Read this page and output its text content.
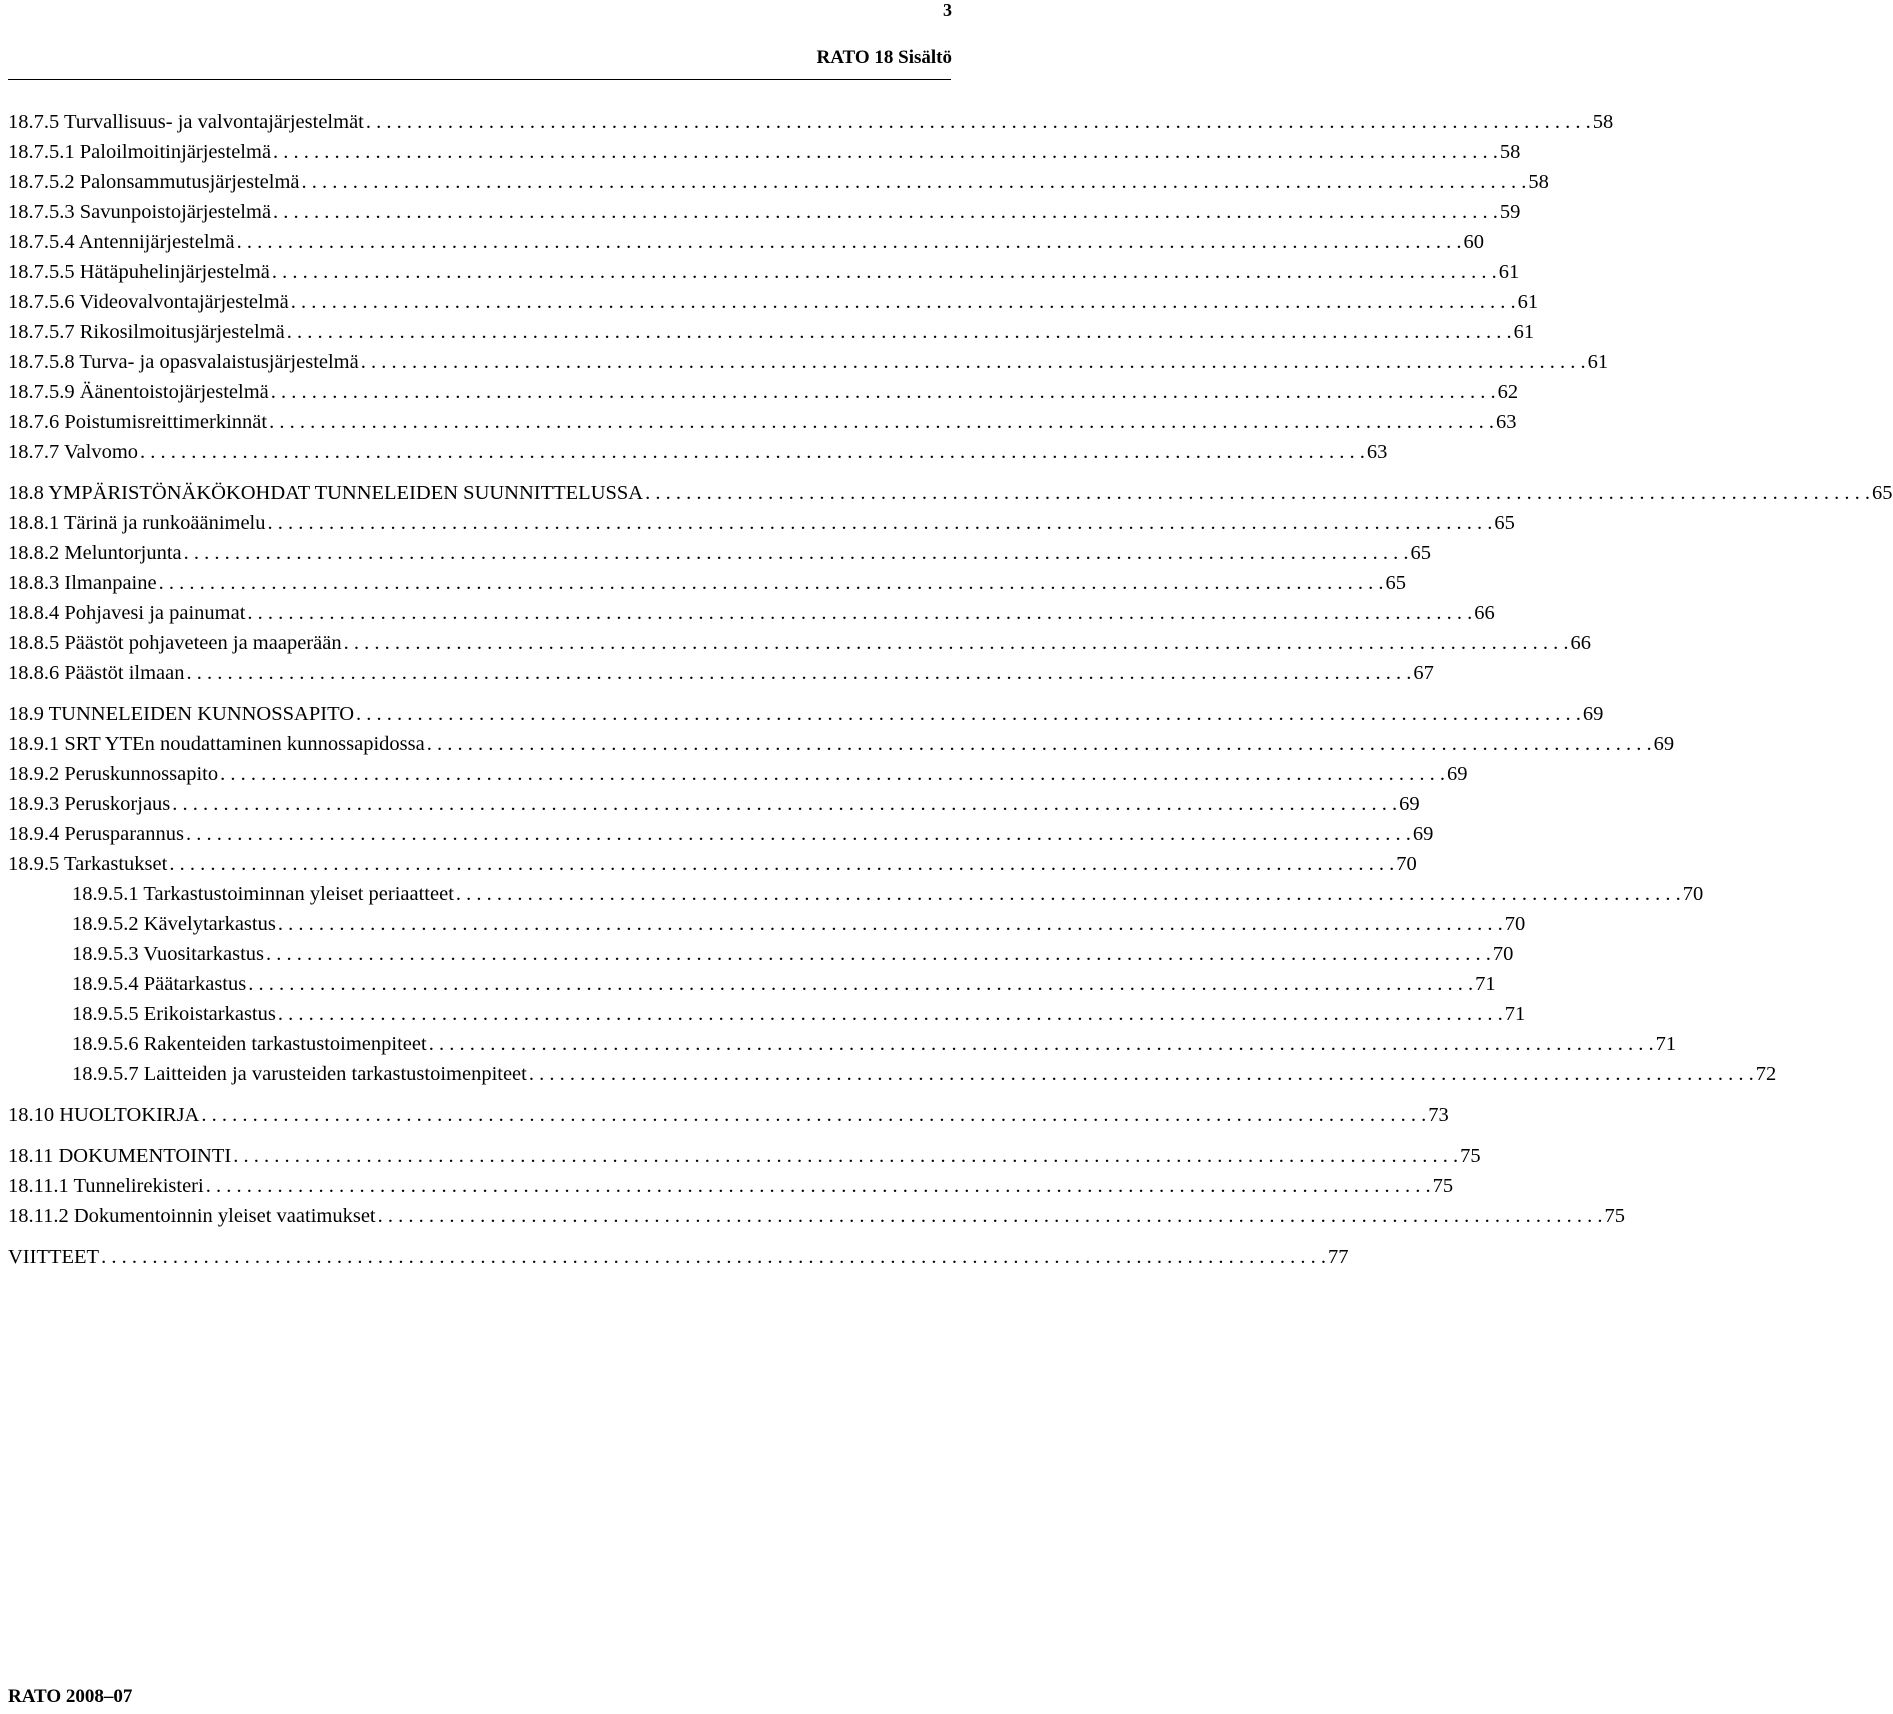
3
RATO 18 Sisältö
18.7.5 Turvallisuus- ja valvontajärjestelmät . . . . . . . . . . . . . . . . . . . . . . . . . . . . . . . . . . . . . . . . . . . . . . . . . . . . . . . . . . . . . . . . . . . . . . . . . . . . . . . . . . . . . . . . . . . . . . . . . . . . . . . . . . . . . . . . . . . . . . . . 58
18.7.5.1 Paloilmoitinjärjestelmä . . . . . . . . . . . . . . . . . . . . . . . . . . . . . . . . . . . . . . . . . . . . . . . . . . . . . . . . . . . . . . . . . . . . . . . . . . . . . . . . . . . . . . . . . . . . . . . . . . . . . . . . . . . . . . . . . . . . . . . . 58
18.7.5.2 Palonsammutusjärjestelmä . . . . . . . . . . . . . . . . . . . . . . . . . . . . . . . . . . . . . . . . . . . . . . . . . . . . . . . . . . . . . . . . . . . . . . . . . . . . . . . . . . . . . . . . . . . . . . . . . . . . . . . . . . . . . . . . . . . . . . . . 58
18.7.5.3 Savunpoistojärjestelmä . . . . . . . . . . . . . . . . . . . . . . . . . . . . . . . . . . . . . . . . . . . . . . . . . . . . . . . . . . . . . . . . . . . . . . . . . . . . . . . . . . . . . . . . . . . . . . . . . . . . . . . . . . . . . . . . . . . . . . . . 59
18.7.5.4 Antennijärjestelmä . . . . . . . . . . . . . . . . . . . . . . . . . . . . . . . . . . . . . . . . . . . . . . . . . . . . . . . . . . . . . . . . . . . . . . . . . . . . . . . . . . . . . . . . . . . . . . . . . . . . . . . . . . . . . . . . . . . . . . . . 60
18.7.5.5 Hätäpuhelinjärjestelmä . . . . . . . . . . . . . . . . . . . . . . . . . . . . . . . . . . . . . . . . . . . . . . . . . . . . . . . . . . . . . . . . . . . . . . . . . . . . . . . . . . . . . . . . . . . . . . . . . . . . . . . . . . . . . . . . . . . . . . . . 61
18.7.5.6 Videovalvontajärjestelmä . . . . . . . . . . . . . . . . . . . . . . . . . . . . . . . . . . . . . . . . . . . . . . . . . . . . . . . . . . . . . . . . . . . . . . . . . . . . . . . . . . . . . . . . . . . . . . . . . . . . . . . . . . . . . . . . . . . . . . . . 61
18.7.5.7 Rikosilmoitusjärjestelmä . . . . . . . . . . . . . . . . . . . . . . . . . . . . . . . . . . . . . . . . . . . . . . . . . . . . . . . . . . . . . . . . . . . . . . . . . . . . . . . . . . . . . . . . . . . . . . . . . . . . . . . . . . . . . . . . . . . . . . . . 61
18.7.5.8 Turva- ja opasvalaistusjärjestelmä . . . . . . . . . . . . . . . . . . . . . . . . . . . . . . . . . . . . . . . . . . . . . . . . . . . . . . . . . . . . . . . . . . . . . . . . . . . . . . . . . . . . . . . . . . . . . . . . . . . . . . . . . . . . . . . . . . . . . . . . 61
18.7.5.9 Äänentoistojärjestelmä . . . . . . . . . . . . . . . . . . . . . . . . . . . . . . . . . . . . . . . . . . . . . . . . . . . . . . . . . . . . . . . . . . . . . . . . . . . . . . . . . . . . . . . . . . . . . . . . . . . . . . . . . . . . . . . . . . . . . . . . 62
18.7.6 Poistumisreittimerkinnät . . . . . . . . . . . . . . . . . . . . . . . . . . . . . . . . . . . . . . . . . . . . . . . . . . . . . . . . . . . . . . . . . . . . . . . . . . . . . . . . . . . . . . . . . . . . . . . . . . . . . . . . . . . . . . . . . . . . . . . . 63
18.7.7 Valvomo . . . . . . . . . . . . . . . . . . . . . . . . . . . . . . . . . . . . . . . . . . . . . . . . . . . . . . . . . . . . . . . . . . . . . . . . . . . . . . . . . . . . . . . . . . . . . . . . . . . . . . . . . . . . . . . . . . . . . . . . 63
18.8 YMPÄRISTÖNÄKÖKOHDAT TUNNELEIDEN SUUNNITTELUSSA . . . . . . . . . . . . . . . . . . . . . . . . . . . . . . . . . . . . . . . . . . . . . . . . . . . . . . . . . . . . . . . . . . . . . . . . . . . . . . . . . . . . . . . . . . . . . . . . . . . . . . . . . . . . . . . . . . . . . . . . 65
18.8.1 Tärinä ja runkoäänimelu . . . . . . . . . . . . . . . . . . . . . . . . . . . . . . . . . . . . . . . . . . . . . . . . . . . . . . . . . . . . . . . . . . . . . . . . . . . . . . . . . . . . . . . . . . . . . . . . . . . . . . . . . . . . . . . . . . . . . . . . 65
18.8.2 Meluntorjunta . . . . . . . . . . . . . . . . . . . . . . . . . . . . . . . . . . . . . . . . . . . . . . . . . . . . . . . . . . . . . . . . . . . . . . . . . . . . . . . . . . . . . . . . . . . . . . . . . . . . . . . . . . . . . . . . . . . . . . . . 65
18.8.3 Ilmanpaine . . . . . . . . . . . . . . . . . . . . . . . . . . . . . . . . . . . . . . . . . . . . . . . . . . . . . . . . . . . . . . . . . . . . . . . . . . . . . . . . . . . . . . . . . . . . . . . . . . . . . . . . . . . . . . . . . . . . . . . . 65
18.8.4 Pohjavesi ja painumat . . . . . . . . . . . . . . . . . . . . . . . . . . . . . . . . . . . . . . . . . . . . . . . . . . . . . . . . . . . . . . . . . . . . . . . . . . . . . . . . . . . . . . . . . . . . . . . . . . . . . . . . . . . . . . . . . . . . . . . . 66
18.8.5 Päästöt pohjaveteen ja maaperään . . . . . . . . . . . . . . . . . . . . . . . . . . . . . . . . . . . . . . . . . . . . . . . . . . . . . . . . . . . . . . . . . . . . . . . . . . . . . . . . . . . . . . . . . . . . . . . . . . . . . . . . . . . . . . . . . . . . . . . . 66
18.8.6 Päästöt ilmaan . . . . . . . . . . . . . . . . . . . . . . . . . . . . . . . . . . . . . . . . . . . . . . . . . . . . . . . . . . . . . . . . . . . . . . . . . . . . . . . . . . . . . . . . . . . . . . . . . . . . . . . . . . . . . . . . . . . . . . . . 67
18.9 TUNNELEIDEN KUNNOSSAPITO . . . . . . . . . . . . . . . . . . . . . . . . . . . . . . . . . . . . . . . . . . . . . . . . . . . . . . . . . . . . . . . . . . . . . . . . . . . . . . . . . . . . . . . . . . . . . . . . . . . . . . . . . . . . . . . . . . . . . . . . 69
18.9.1 SRT YTEn noudattaminen kunnossapidossa . . . . . . . . . . . . . . . . . . . . . . . . . . . . . . . . . . . . . . . . . . . . . . . . . . . . . . . . . . . . . . . . . . . . . . . . . . . . . . . . . . . . . . . . . . . . . . . . . . . . . . . . . . . . . . . . . . . . . . . . 69
18.9.2 Peruskunnossapito . . . . . . . . . . . . . . . . . . . . . . . . . . . . . . . . . . . . . . . . . . . . . . . . . . . . . . . . . . . . . . . . . . . . . . . . . . . . . . . . . . . . . . . . . . . . . . . . . . . . . . . . . . . . . . . . . . . . . . . . 69
18.9.3 Peruskorjaus . . . . . . . . . . . . . . . . . . . . . . . . . . . . . . . . . . . . . . . . . . . . . . . . . . . . . . . . . . . . . . . . . . . . . . . . . . . . . . . . . . . . . . . . . . . . . . . . . . . . . . . . . . . . . . . . . . . . . . . . 69
18.9.4 Perusparannus . . . . . . . . . . . . . . . . . . . . . . . . . . . . . . . . . . . . . . . . . . . . . . . . . . . . . . . . . . . . . . . . . . . . . . . . . . . . . . . . . . . . . . . . . . . . . . . . . . . . . . . . . . . . . . . . . . . . . . . . 69
18.9.5 Tarkastukset . . . . . . . . . . . . . . . . . . . . . . . . . . . . . . . . . . . . . . . . . . . . . . . . . . . . . . . . . . . . . . . . . . . . . . . . . . . . . . . . . . . . . . . . . . . . . . . . . . . . . . . . . . . . . . . . . . . . . . . . 70
18.9.5.1 Tarkastustoiminnan yleiset periaatteet . . . . . . . . . . . . . . . . . . . . . . . . . . . . . . . . . . . . . . . . . . . . . . . . . . . . . . . . . . . . . . . . . . . . . . . . . . . . . . . . . . . . . . . . . . . . . . . . . . . . . . . . . . . . . . . . . . . . . . . . 70
18.9.5.2 Kävelytarkastus . . . . . . . . . . . . . . . . . . . . . . . . . . . . . . . . . . . . . . . . . . . . . . . . . . . . . . . . . . . . . . . . . . . . . . . . . . . . . . . . . . . . . . . . . . . . . . . . . . . . . . . . . . . . . . . . . . . . . . . . 70
18.9.5.3 Vuositarkastus . . . . . . . . . . . . . . . . . . . . . . . . . . . . . . . . . . . . . . . . . . . . . . . . . . . . . . . . . . . . . . . . . . . . . . . . . . . . . . . . . . . . . . . . . . . . . . . . . . . . . . . . . . . . . . . . . . . . . . . . 70
18.9.5.4 Päätarkastus . . . . . . . . . . . . . . . . . . . . . . . . . . . . . . . . . . . . . . . . . . . . . . . . . . . . . . . . . . . . . . . . . . . . . . . . . . . . . . . . . . . . . . . . . . . . . . . . . . . . . . . . . . . . . . . . . . . . . . . . 71
18.9.5.5 Erikoistarkastus . . . . . . . . . . . . . . . . . . . . . . . . . . . . . . . . . . . . . . . . . . . . . . . . . . . . . . . . . . . . . . . . . . . . . . . . . . . . . . . . . . . . . . . . . . . . . . . . . . . . . . . . . . . . . . . . . . . . . . . . 71
18.9.5.6 Rakenteiden tarkastustoimenpiteet . . . . . . . . . . . . . . . . . . . . . . . . . . . . . . . . . . . . . . . . . . . . . . . . . . . . . . . . . . . . . . . . . . . . . . . . . . . . . . . . . . . . . . . . . . . . . . . . . . . . . . . . . . . . . . . . . . . . . . . . 71
18.9.5.7 Laitteiden ja varusteiden tarkastustoimenpiteet . . . . . . . . . . . . . . . . . . . . . . . . . . . . . . . . . . . . . . . . . . . . . . . . . . . . . . . . . . . . . . . . . . . . . . . . . . . . . . . . . . . . . . . . . . . . . . . . . . . . . . . . . . . . . . . . . . . . . . . . 72
18.10 HUOLTOKIRJA . . . . . . . . . . . . . . . . . . . . . . . . . . . . . . . . . . . . . . . . . . . . . . . . . . . . . . . . . . . . . . . . . . . . . . . . . . . . . . . . . . . . . . . . . . . . . . . . . . . . . . . . . . . . . . . . . . . . . . . . 73
18.11 DOKUMENTOINTI . . . . . . . . . . . . . . . . . . . . . . . . . . . . . . . . . . . . . . . . . . . . . . . . . . . . . . . . . . . . . . . . . . . . . . . . . . . . . . . . . . . . . . . . . . . . . . . . . . . . . . . . . . . . . . . . . . . . . . . . 75
18.11.1 Tunnelirekisteri . . . . . . . . . . . . . . . . . . . . . . . . . . . . . . . . . . . . . . . . . . . . . . . . . . . . . . . . . . . . . . . . . . . . . . . . . . . . . . . . . . . . . . . . . . . . . . . . . . . . . . . . . . . . . . . . . . . . . . . . 75
18.11.2 Dokumentoinnin yleiset vaatimukset . . . . . . . . . . . . . . . . . . . . . . . . . . . . . . . . . . . . . . . . . . . . . . . . . . . . . . . . . . . . . . . . . . . . . . . . . . . . . . . . . . . . . . . . . . . . . . . . . . . . . . . . . . . . . . . . . . . . . . . . 75
VIITTEET . . . . . . . . . . . . . . . . . . . . . . . . . . . . . . . . . . . . . . . . . . . . . . . . . . . . . . . . . . . . . . . . . . . . . . . . . . . . . . . . . . . . . . . . . . . . . . . . . . . . . . . . . . . . . . . . . . . . . . . . 77
RATO 2008–07
